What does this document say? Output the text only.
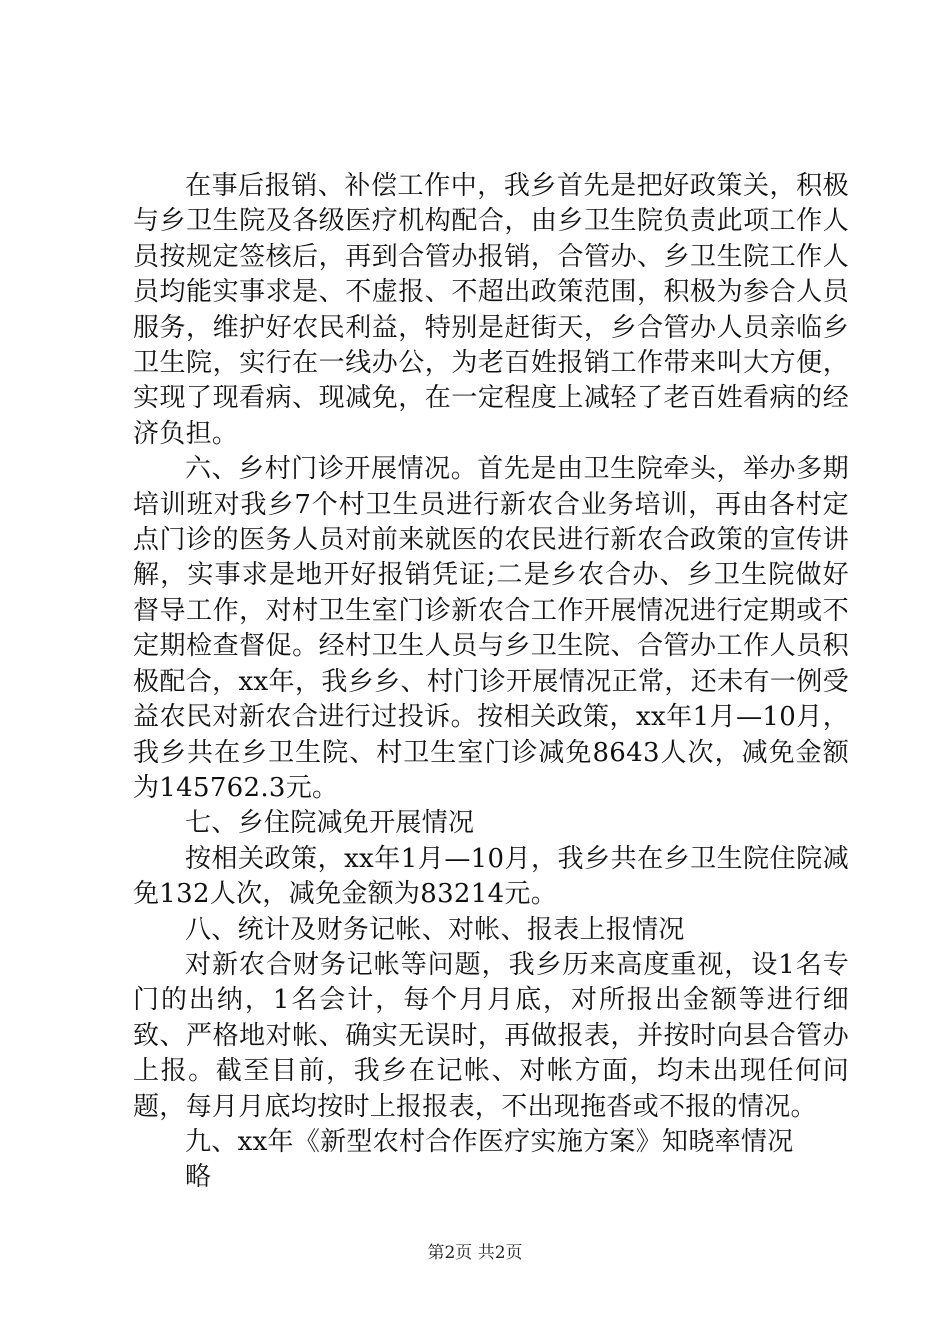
在事后报销、补偿工作中，我乡首先是把好政策关，积极与乡卫生院及各级医疗机构配合，由乡卫生院负责此项工作人员按规定签核后，再到合管办报销，合管办、乡卫生院工作人员均能实事求是、不虚报、不超出政策范围，积极为参合人员服务，维护好农民利益，特别是赶街天，乡合管办人员亲临乡卫生院，实行在一线办公，为老百姓报销工作带来叫大方便，实现了现看病、现减免，在一定程度上减轻了老百姓看病的经济负担。

六、乡村门诊开展情况。首先是由卫生院牵头，举办多期培训班对我乡7个村卫生员进行新农合业务培训，再由各村定点门诊的医务人员对前来就医的农民进行新农合政策的宣传讲解，实事求是地开好报销凭证;二是乡农合办、乡卫生院做好督导工作，对村卫生室门诊新农合工作开展情况进行定期或不定期检查督促。经村卫生人员与乡卫生院、合管办工作人员积极配合，xx年，我乡乡、村门诊开展情况正常，还未有一例受益农民对新农合进行过投诉。按相关政策，xx年1月—10月，我乡共在乡卫生院、村卫生室门诊减免8643人次，减免金额为145762.3元。

七、乡住院减免开展情况

按相关政策，xx年1月—10月，我乡共在乡卫生院住院减免132人次，减免金额为83214元。

八、统计及财务记帐、对帐、报表上报情况

对新农合财务记帐等问题，我乡历来高度重视，设1名专门的出纳，1名会计，每个月月底，对所报出金额等进行细致、严格地对帐、确实无误时，再做报表，并按时向县合管办上报。截至目前，我乡在记帐、对帐方面，均未出现任何问题，每月月底均按时上报报表，不出现拖沓或不报的情况。

九、xx年《新型农村合作医疗实施方案》知晓率情况

略

第2页 共2页
